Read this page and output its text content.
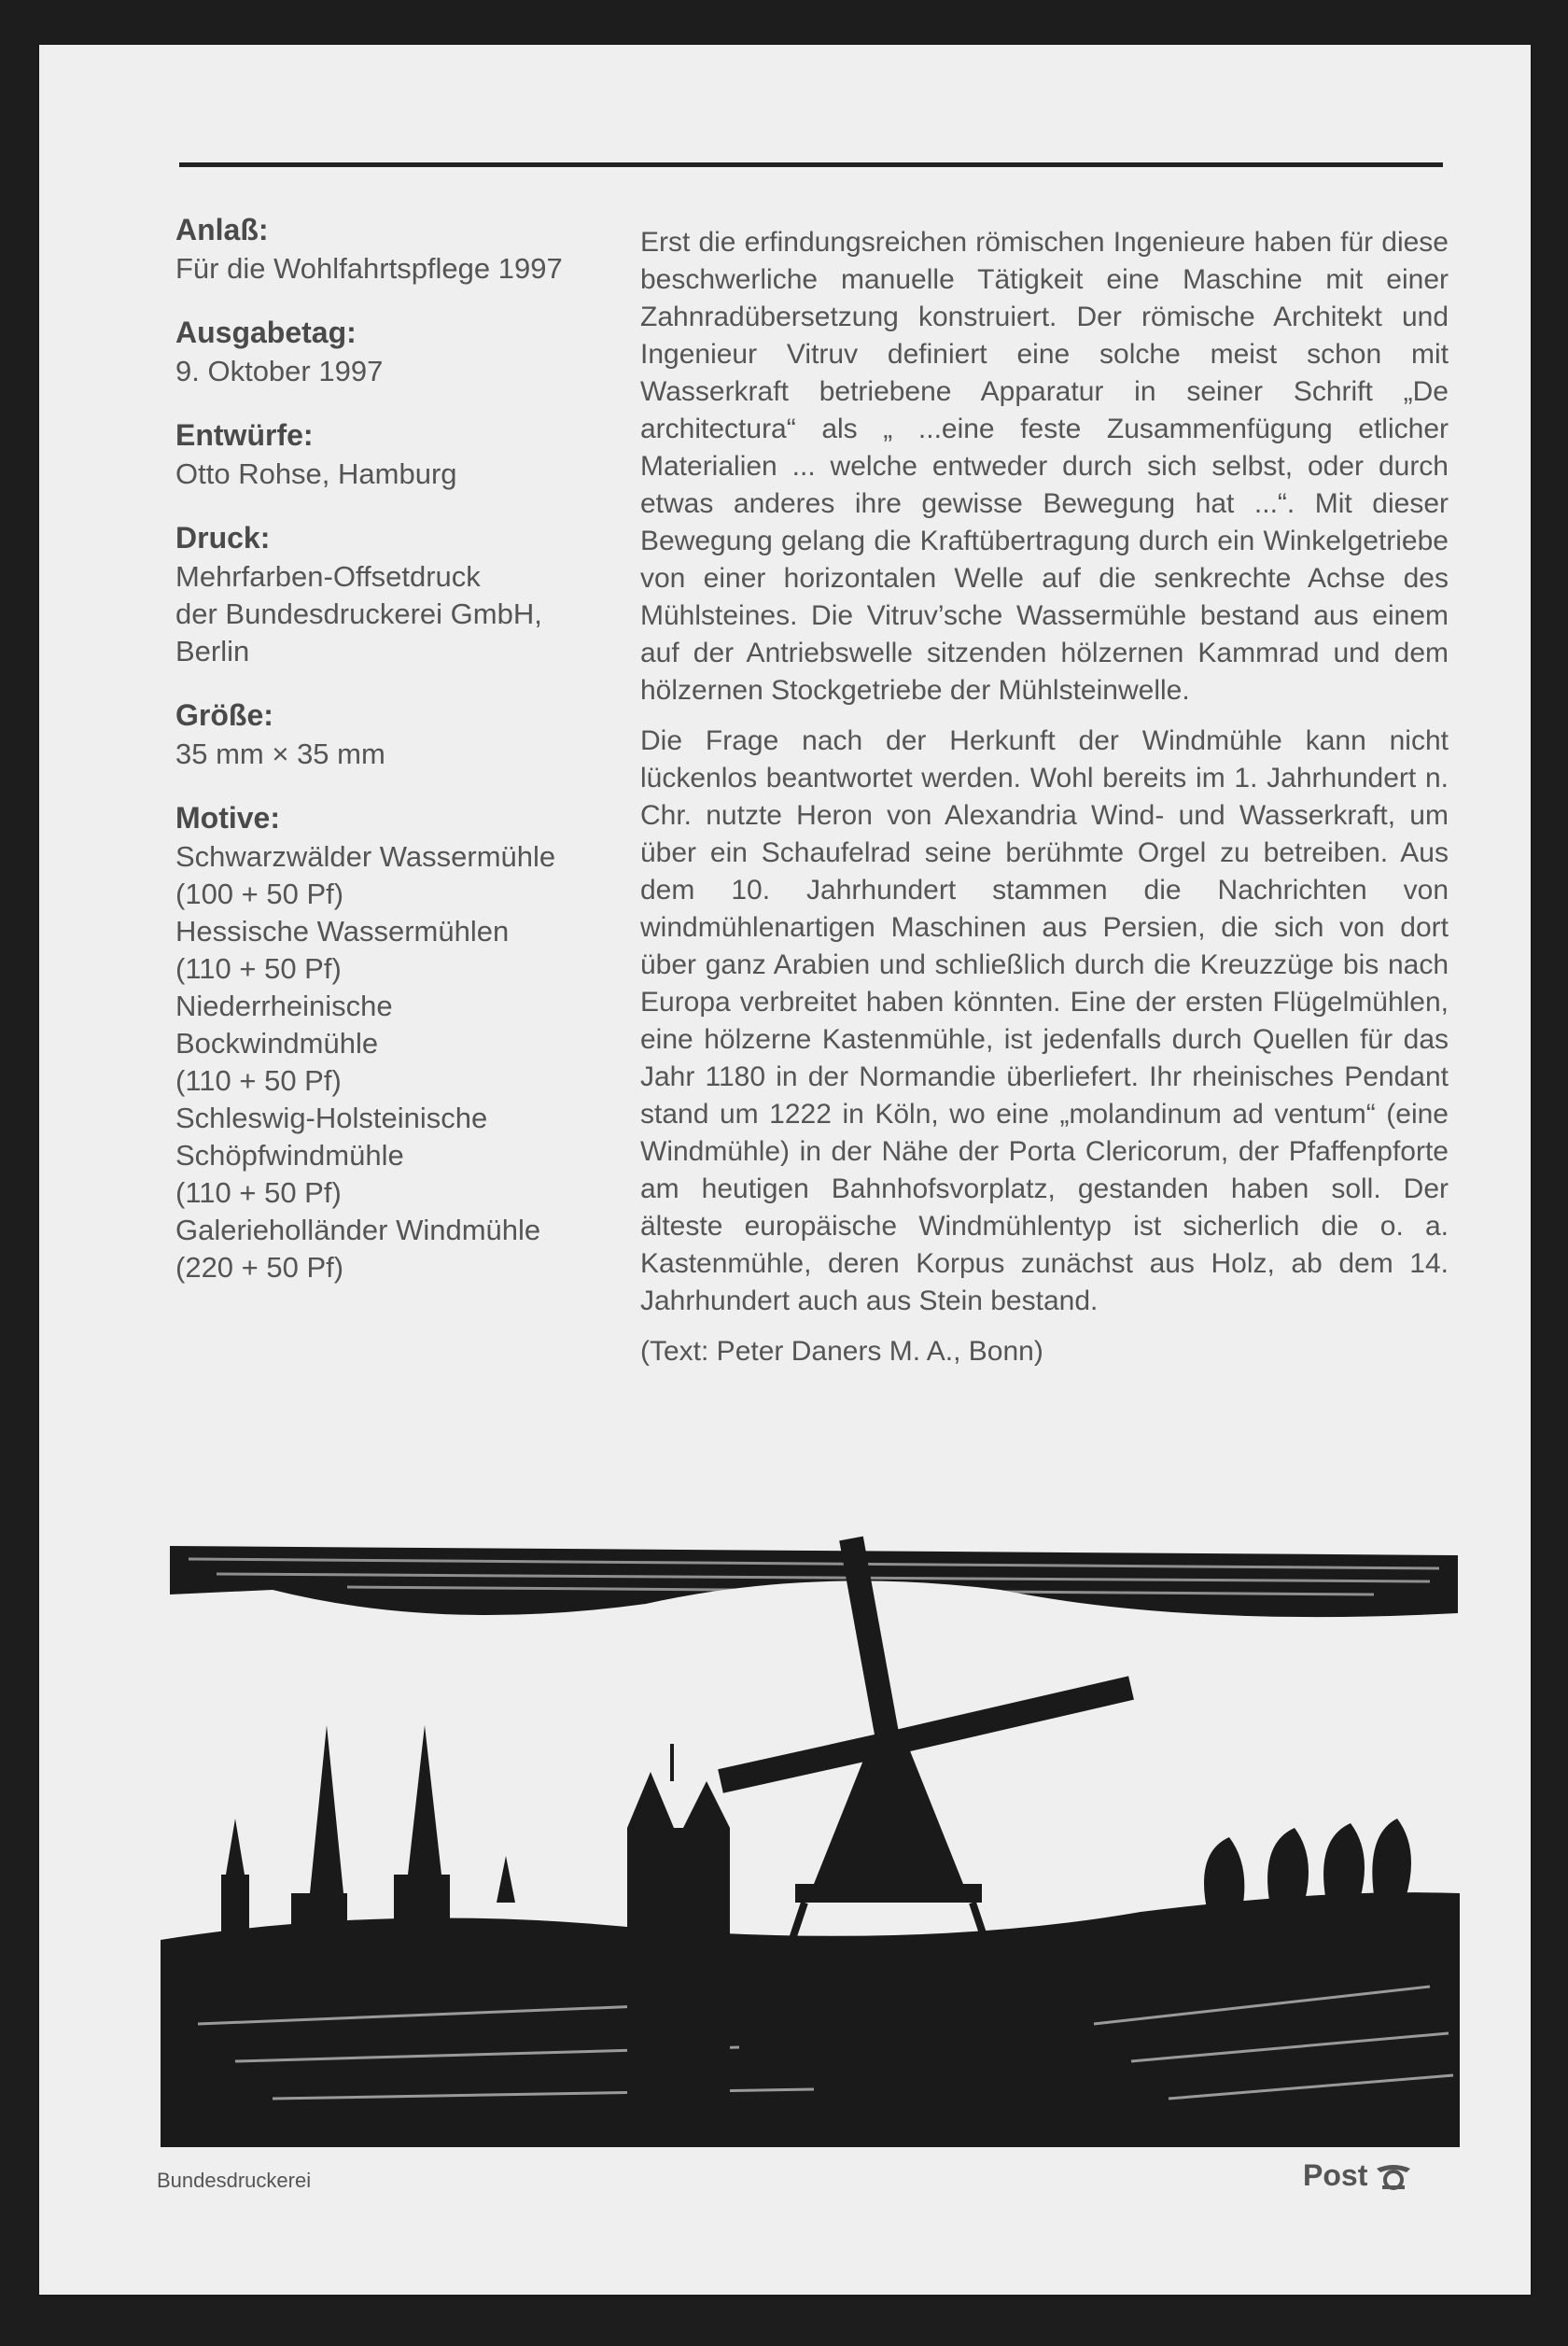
Anlaß:
Für die Wohlfahrtspflege 1997
Ausgabetag:
9. Oktober 1997
Entwürfe:
Otto Rohse, Hamburg
Druck:
Mehrfarben-Offsetdruck
der Bundesdruckerei GmbH,
Berlin
Größe:
35 mm × 35 mm
Motive:
Schwarzwälder Wassermühle
(100 + 50 Pf)
Hessische Wassermühlen
(110 + 50 Pf)
Niederrheinische
Bockwindmühle
(110 + 50 Pf)
Schleswig-Holsteinische
Schöpfwindmühle
(110 + 50 Pf)
Galerieholländer Windmühle
(220 + 50 Pf)

Erst die erfindungsreichen römischen Ingenieure haben für diese beschwerliche manuelle Tätigkeit eine Maschine mit einer Zahnradübersetzung konstruiert. Der römische Architekt und Ingenieur Vitruv definiert eine solche meist schon mit Wasserkraft betriebene Apparatur in seiner Schrift „De architectura“ als „ ...eine feste Zusammenfügung etlicher Materialien ... welche entweder durch sich selbst, oder durch etwas anderes ihre gewisse Bewegung hat ...“. Mit dieser Bewegung gelang die Kraftübertragung durch ein Winkelgetriebe von einer horizontalen Welle auf die senkrechte Achse des Mühlsteines. Die Vitruv’sche Wassermühle bestand aus einem auf der Antriebswelle sitzenden hölzernen Kammrad und dem hölzernen Stockgetriebe der Mühlsteinwelle.

Die Frage nach der Herkunft der Windmühle kann nicht lückenlos beantwortet werden. Wohl bereits im 1. Jahrhundert n. Chr. nutzte Heron von Alexandria Wind- und Wasserkraft, um über ein Schaufelrad seine berühmte Orgel zu betreiben. Aus dem 10. Jahrhundert stammen die Nachrichten von windmühlenartigen Maschinen aus Persien, die sich von dort über ganz Arabien und schließlich durch die Kreuzzüge bis nach Europa verbreitet haben könnten. Eine der ersten Flügelmühlen, eine hölzerne Kastenmühle, ist jedenfalls durch Quellen für das Jahr 1180 in der Normandie überliefert. Ihr rheinisches Pendant stand um 1222 in Köln, wo eine „molandinum ad ventum“ (eine Windmühle) in der Nähe der Porta Clericorum, der Pfaffenpforte am heutigen Bahnhofsvorplatz, gestanden haben soll. Der älteste europäische Windmühlentyp ist sicherlich die o. a. Kastenmühle, deren Korpus zunächst aus Holz, ab dem 14. Jahrhundert auch aus Stein bestand.

(Text: Peter Daners M. A., Bonn)

Bundesdruckerei	Post
